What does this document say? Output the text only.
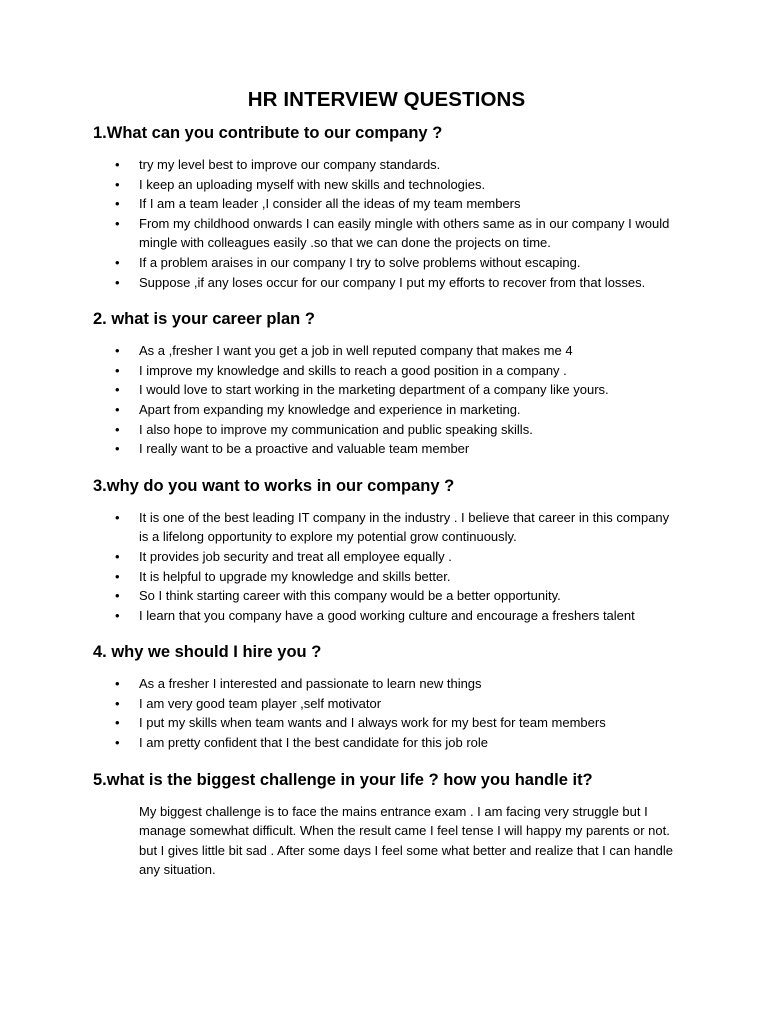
HR INTERVIEW QUESTIONS
1.What can you contribute to our company ?
• try my level best to improve our company standards.
• I keep an uploading myself with new skills and technologies.
• If I am a team leader ,I consider all the ideas of my team members
• From my childhood onwards I can easily mingle with others same as in our company I would mingle with colleagues easily .so that we can done the projects on time.
• If a problem araises in our company I try to solve problems without escaping.
• Suppose ,if any loses occur for our company I put my efforts to recover from that losses.
2. what is your career plan ?
• As a ,fresher I want you get a job in well reputed company that makes me 4
• I improve my knowledge and skills to reach a good position in a company .
• I would love to start working in the marketing department of a company like yours.
• Apart from expanding my knowledge and experience in marketing.
• I also hope to improve my communication and public speaking skills.
• I really want to be a proactive and valuable team member
3.why do you want to works in our company ?
• It is one of the best leading IT company in the industry . I believe that career in this company is a lifelong opportunity to explore my potential grow continuously.
• It provides job security and treat all employee equally .
• It is helpful to upgrade my knowledge and skills better.
• So I think starting career with this company would be a better opportunity.
• I learn that you company have a good working culture and encourage a freshers talent
4. why we should I hire you ?
• As a fresher I interested and passionate to learn new things
• I am very good team player ,self motivator
• I put my skills when team wants and I always work for my best for team members
• I am pretty confident that I the best candidate for this job role
5.what is the biggest challenge in your life ? how you handle it?

My biggest challenge is to face the mains entrance exam . I am facing very struggle but I manage somewhat difficult. When the result came I feel tense I will happy my parents or not. but I gives little bit sad . After some days I feel some what better and realize that I can handle any situation.
